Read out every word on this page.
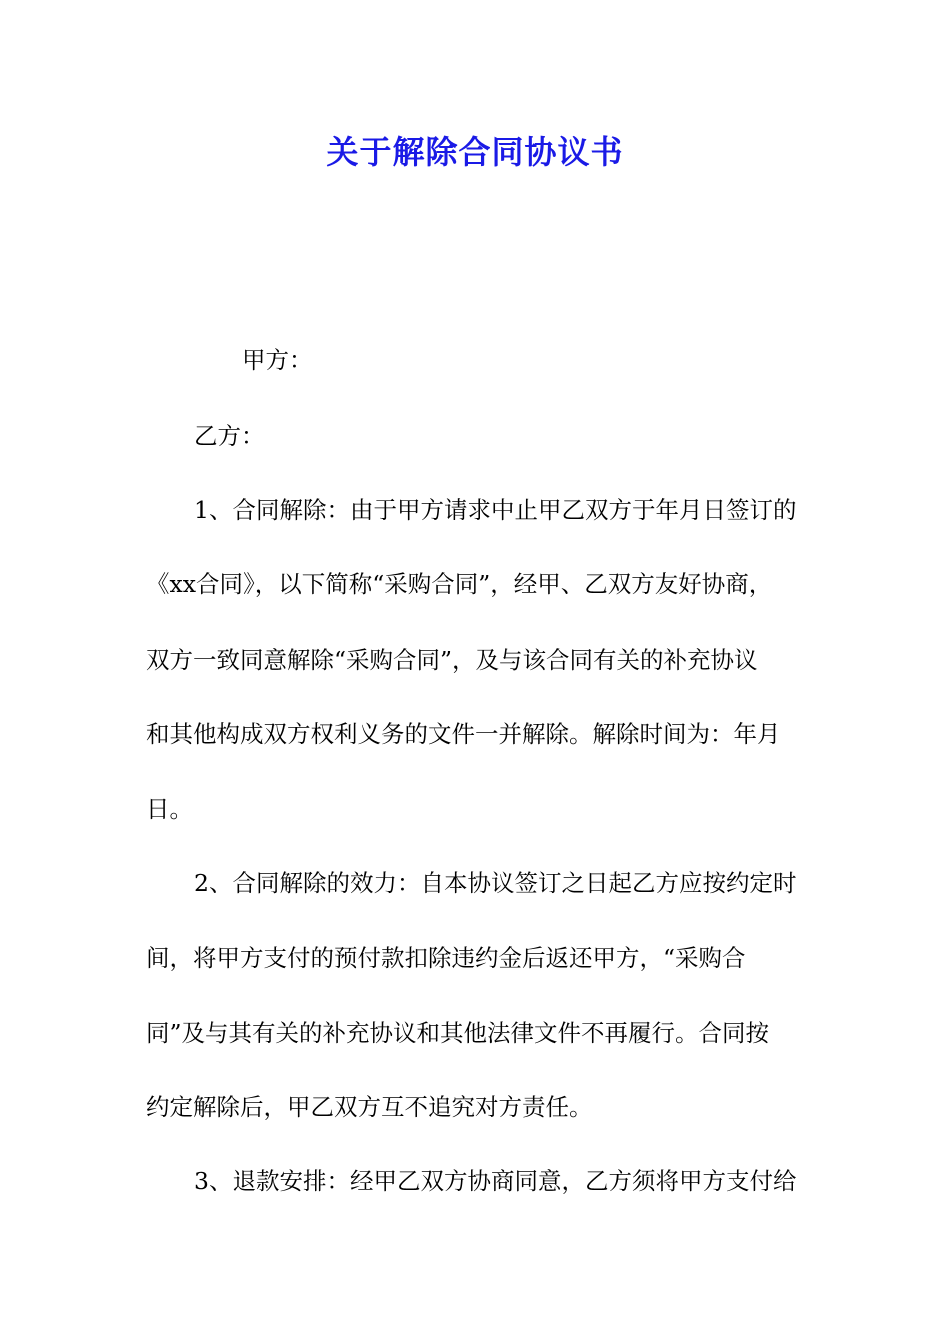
关于解除合同协议书
甲方：
乙方：
1、合同解除：由于甲方请求中止甲乙双方于年月日签订的
《xx合同》，以下简称“采购合同”，经甲、乙双方友好协商，
双方一致同意解除“采购合同”，及与该合同有关的补充协议
和其他构成双方权利义务的文件一并解除。解除时间为：年月
日。
2、合同解除的效力：自本协议签订之日起乙方应按约定时
间，将甲方支付的预付款扣除违约金后返还甲方，“采购合
同”及与其有关的补充协议和其他法律文件不再履行。合同按
约定解除后，甲乙双方互不追究对方责任。
3、退款安排：经甲乙双方协商同意，乙方须将甲方支付给
